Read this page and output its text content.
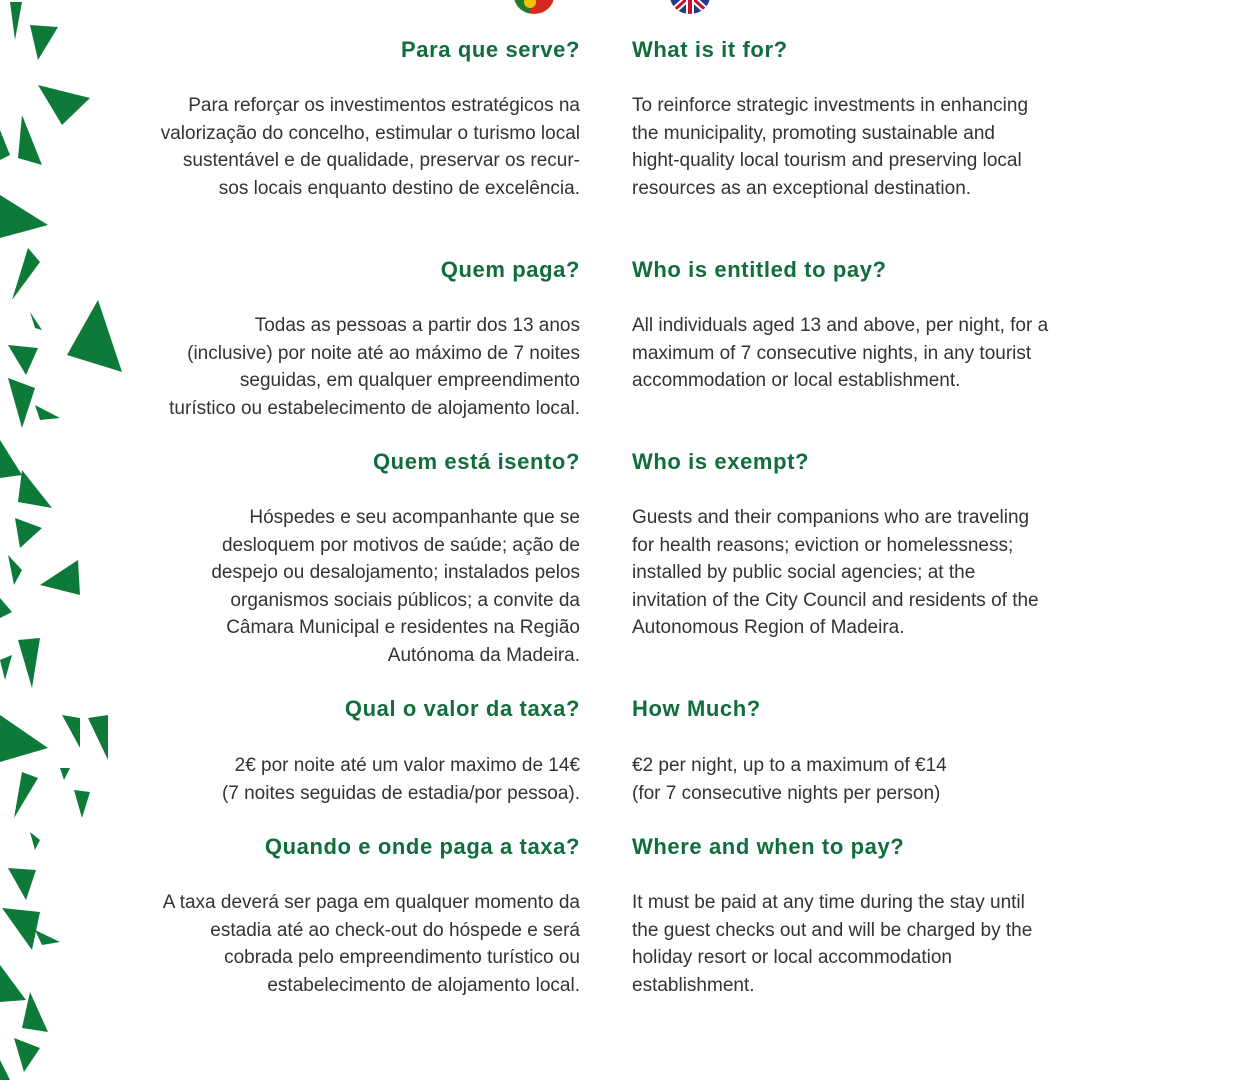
Para que serve? What is it for?
Para reforçar os investimentos estratégicos na
valorização do concelho, estimular o turismo local
sustentável e de qualidade, preservar os recur-
sos locais enquanto destino de excelência.
To reinforce strategic investments in enhancing
the municipality, promoting sustainable and
hight-quality local tourism and preserving local
resources as an exceptional destination.
Quem paga? Who is entitled to pay?
Todas as pessoas a partir dos 13 anos
(inclusive) por noite até ao máximo de 7 noites
seguidas, em qualquer empreendimento
turístico ou estabelecimento de alojamento local.
All individuals aged 13 and above, per night, for a
maximum of 7 consecutive nights, in any tourist
accommodation or local establishment.
Quem está isento? Who is exempt?
Hóspedes e seu acompanhante que se
desloquem por motivos de saúde; ação de
despejo ou desalojamento; instalados pelos
organismos sociais públicos; a convite da
Câmara Municipal e residentes na Região
Autónoma da Madeira.
Guests and their companions who are traveling
for health reasons; eviction or homelessness;
installed by public social agencies; at the
invitation of the City Council and residents of the
Autonomous Region of Madeira.
Qual o valor da taxa? How Much?
2€ por noite até um valor maximo de 14€
(7 noites seguidas de estadia/por pessoa).
€2 per night, up to a maximum of €14
(for 7 consecutive nights per person)
Quando e onde paga a taxa? Where and when to pay?
A taxa deverá ser paga em qualquer momento da
estadia até ao check-out do hóspede e será
cobrada pelo empreendimento turístico ou
estabelecimento de alojamento local.
It must be paid at any time during the stay until
the guest checks out and will be charged by the
holiday resort or local accommodation
establishment.
